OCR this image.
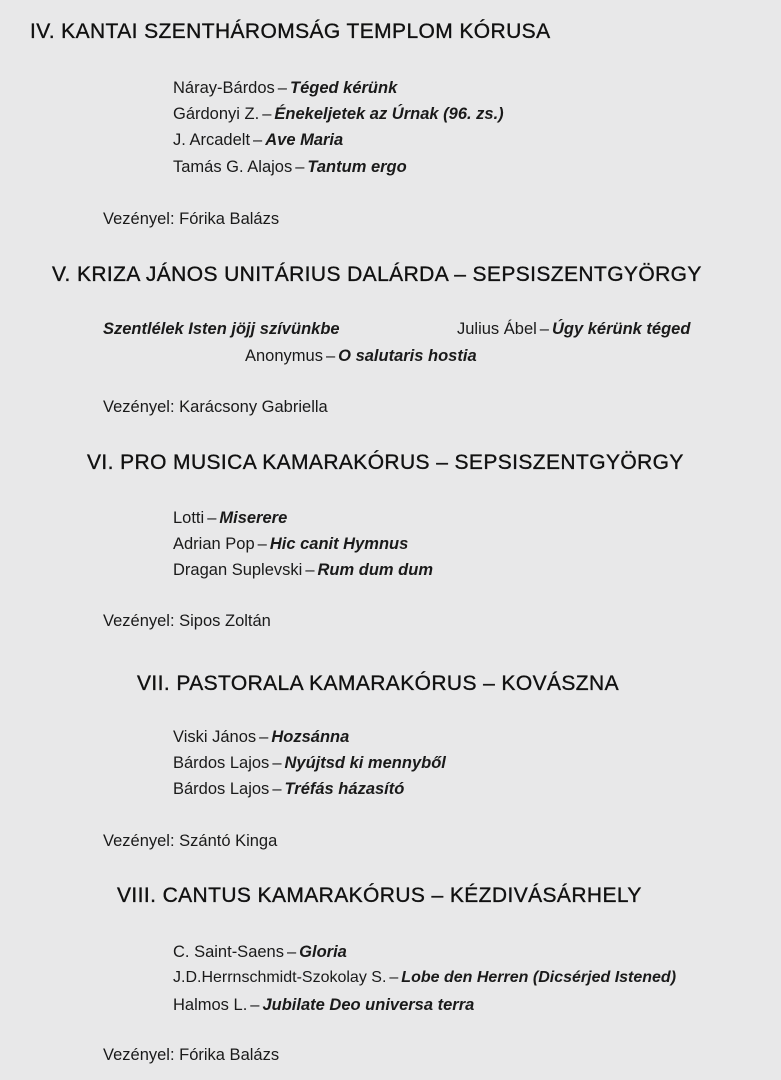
IV. KANTAI SZENTHÁROMSÁG TEMPLOM KÓRUSA
Náray-Bárdos – Téged kérünk
Gárdonyi Z. – Énekeljetek az Úrnak (96. zs.)
J. Arcadelt – Ave Maria
Tamás G. Alajos – Tantum ergo
Vezényel: Fórika Balázs
V. KRIZA JÁNOS UNITÁRIUS DALÁRDA – SEPSISZENTGYÖRGY
Szentlélek Isten jöjj szívünkbe	Julius Ábel – Úgy kérünk téged
Anonymus – O salutaris hostia
Vezényel: Karácsony Gabriella
VI. PRO MUSICA KAMARAKÓRUS – SEPSISZENTGYÖRGY
Lotti – Miserere
Adrian Pop – Hic canit Hymnus
Dragan Suplevski – Rum dum dum
Vezényel: Sipos Zoltán
VII. PASTORALA KAMARAKÓRUS – KOVÁSZNA
Viski János – Hozsánna
Bárdos Lajos – Nyújtsd ki mennyből
Bárdos Lajos – Tréfás házasító
Vezényel: Szántó Kinga
VIII. CANTUS KAMARAKÓRUS – KÉZDIVÁSÁRHELY
C. Saint-Saens – Gloria
J.D.Herrnschmidt-Szokolay S. – Lobe den Herren (Dicsérjed Istened)
Halmos L. – Jubilate Deo universa terra
Vezényel: Fórika Balázs
